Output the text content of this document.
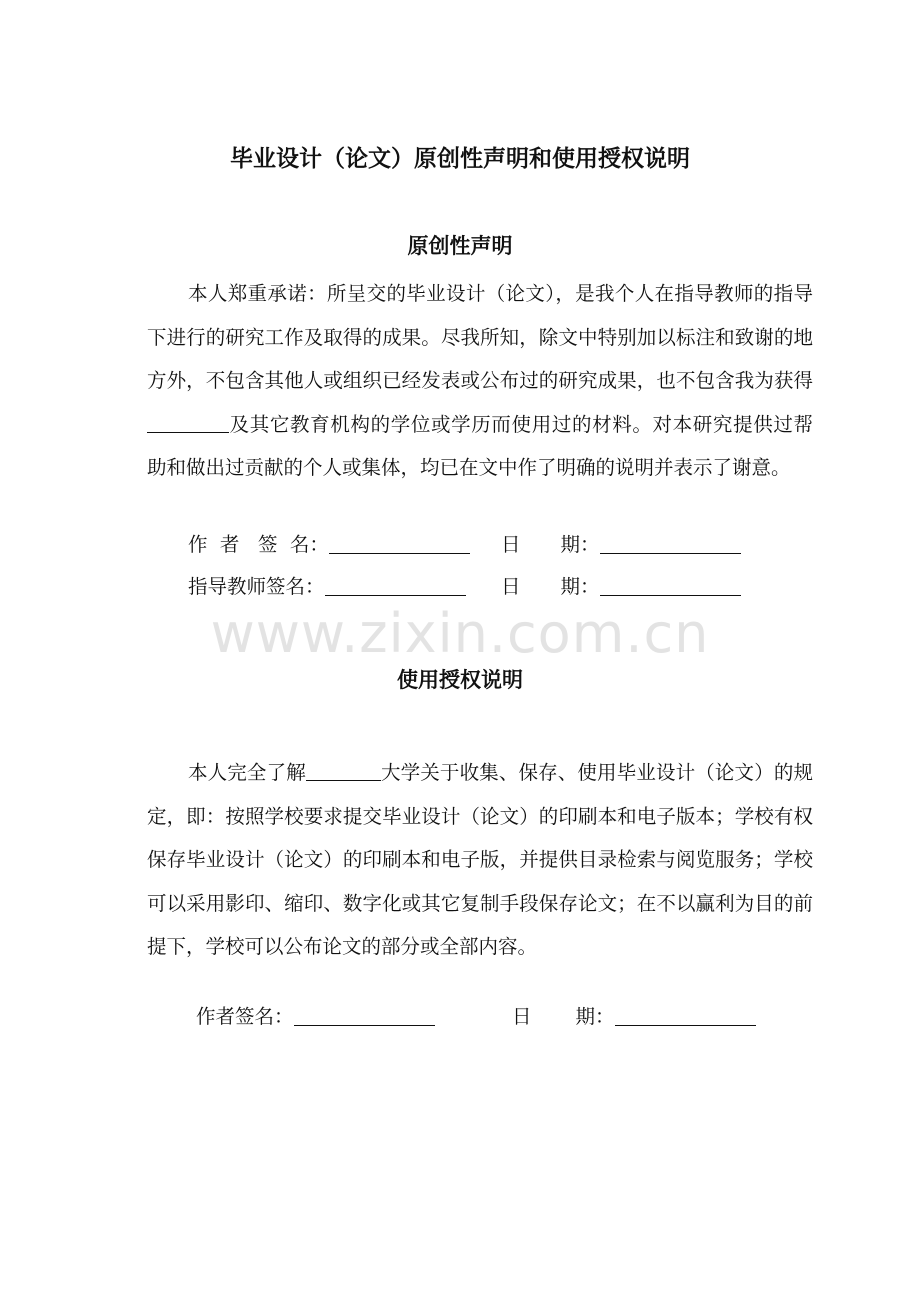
毕业设计（论文）原创性声明和使用授权说明
原创性声明

本人郑重承诺：所呈交的毕业设计（论文），是我个人在指导教师的指导下进行的研究工作及取得的成果。尽我所知，除文中特别加以标注和致谢的地方外，不包含其他人或组织已经发表或公布过的研究成果，也不包含我为获得及其它教育机构的学位或学历而使用过的材料。对本研究提供过帮助和做出过贡献的个人或集体，均已在文中作了明确的说明并表示了谢意。

作  者   签  名：	日 期：
指导教师签名：	日 期：
www.zixin.com.cn
使用授权说明

本人完全了解	大学关于收集、保存、使用毕业设计（论文）的规定，即：按照学校要求提交毕业设计（论文）的印刷本和电子版本；学校有权保存毕业设计（论文）的印刷本和电子版，并提供目录检索与阅览服务；学校可以采用影印、缩印、数字化或其它复制手段保存论文；在不以赢利为目的前提下，学校可以公布论文的部分或全部内容。

作者签名：	日 期：
